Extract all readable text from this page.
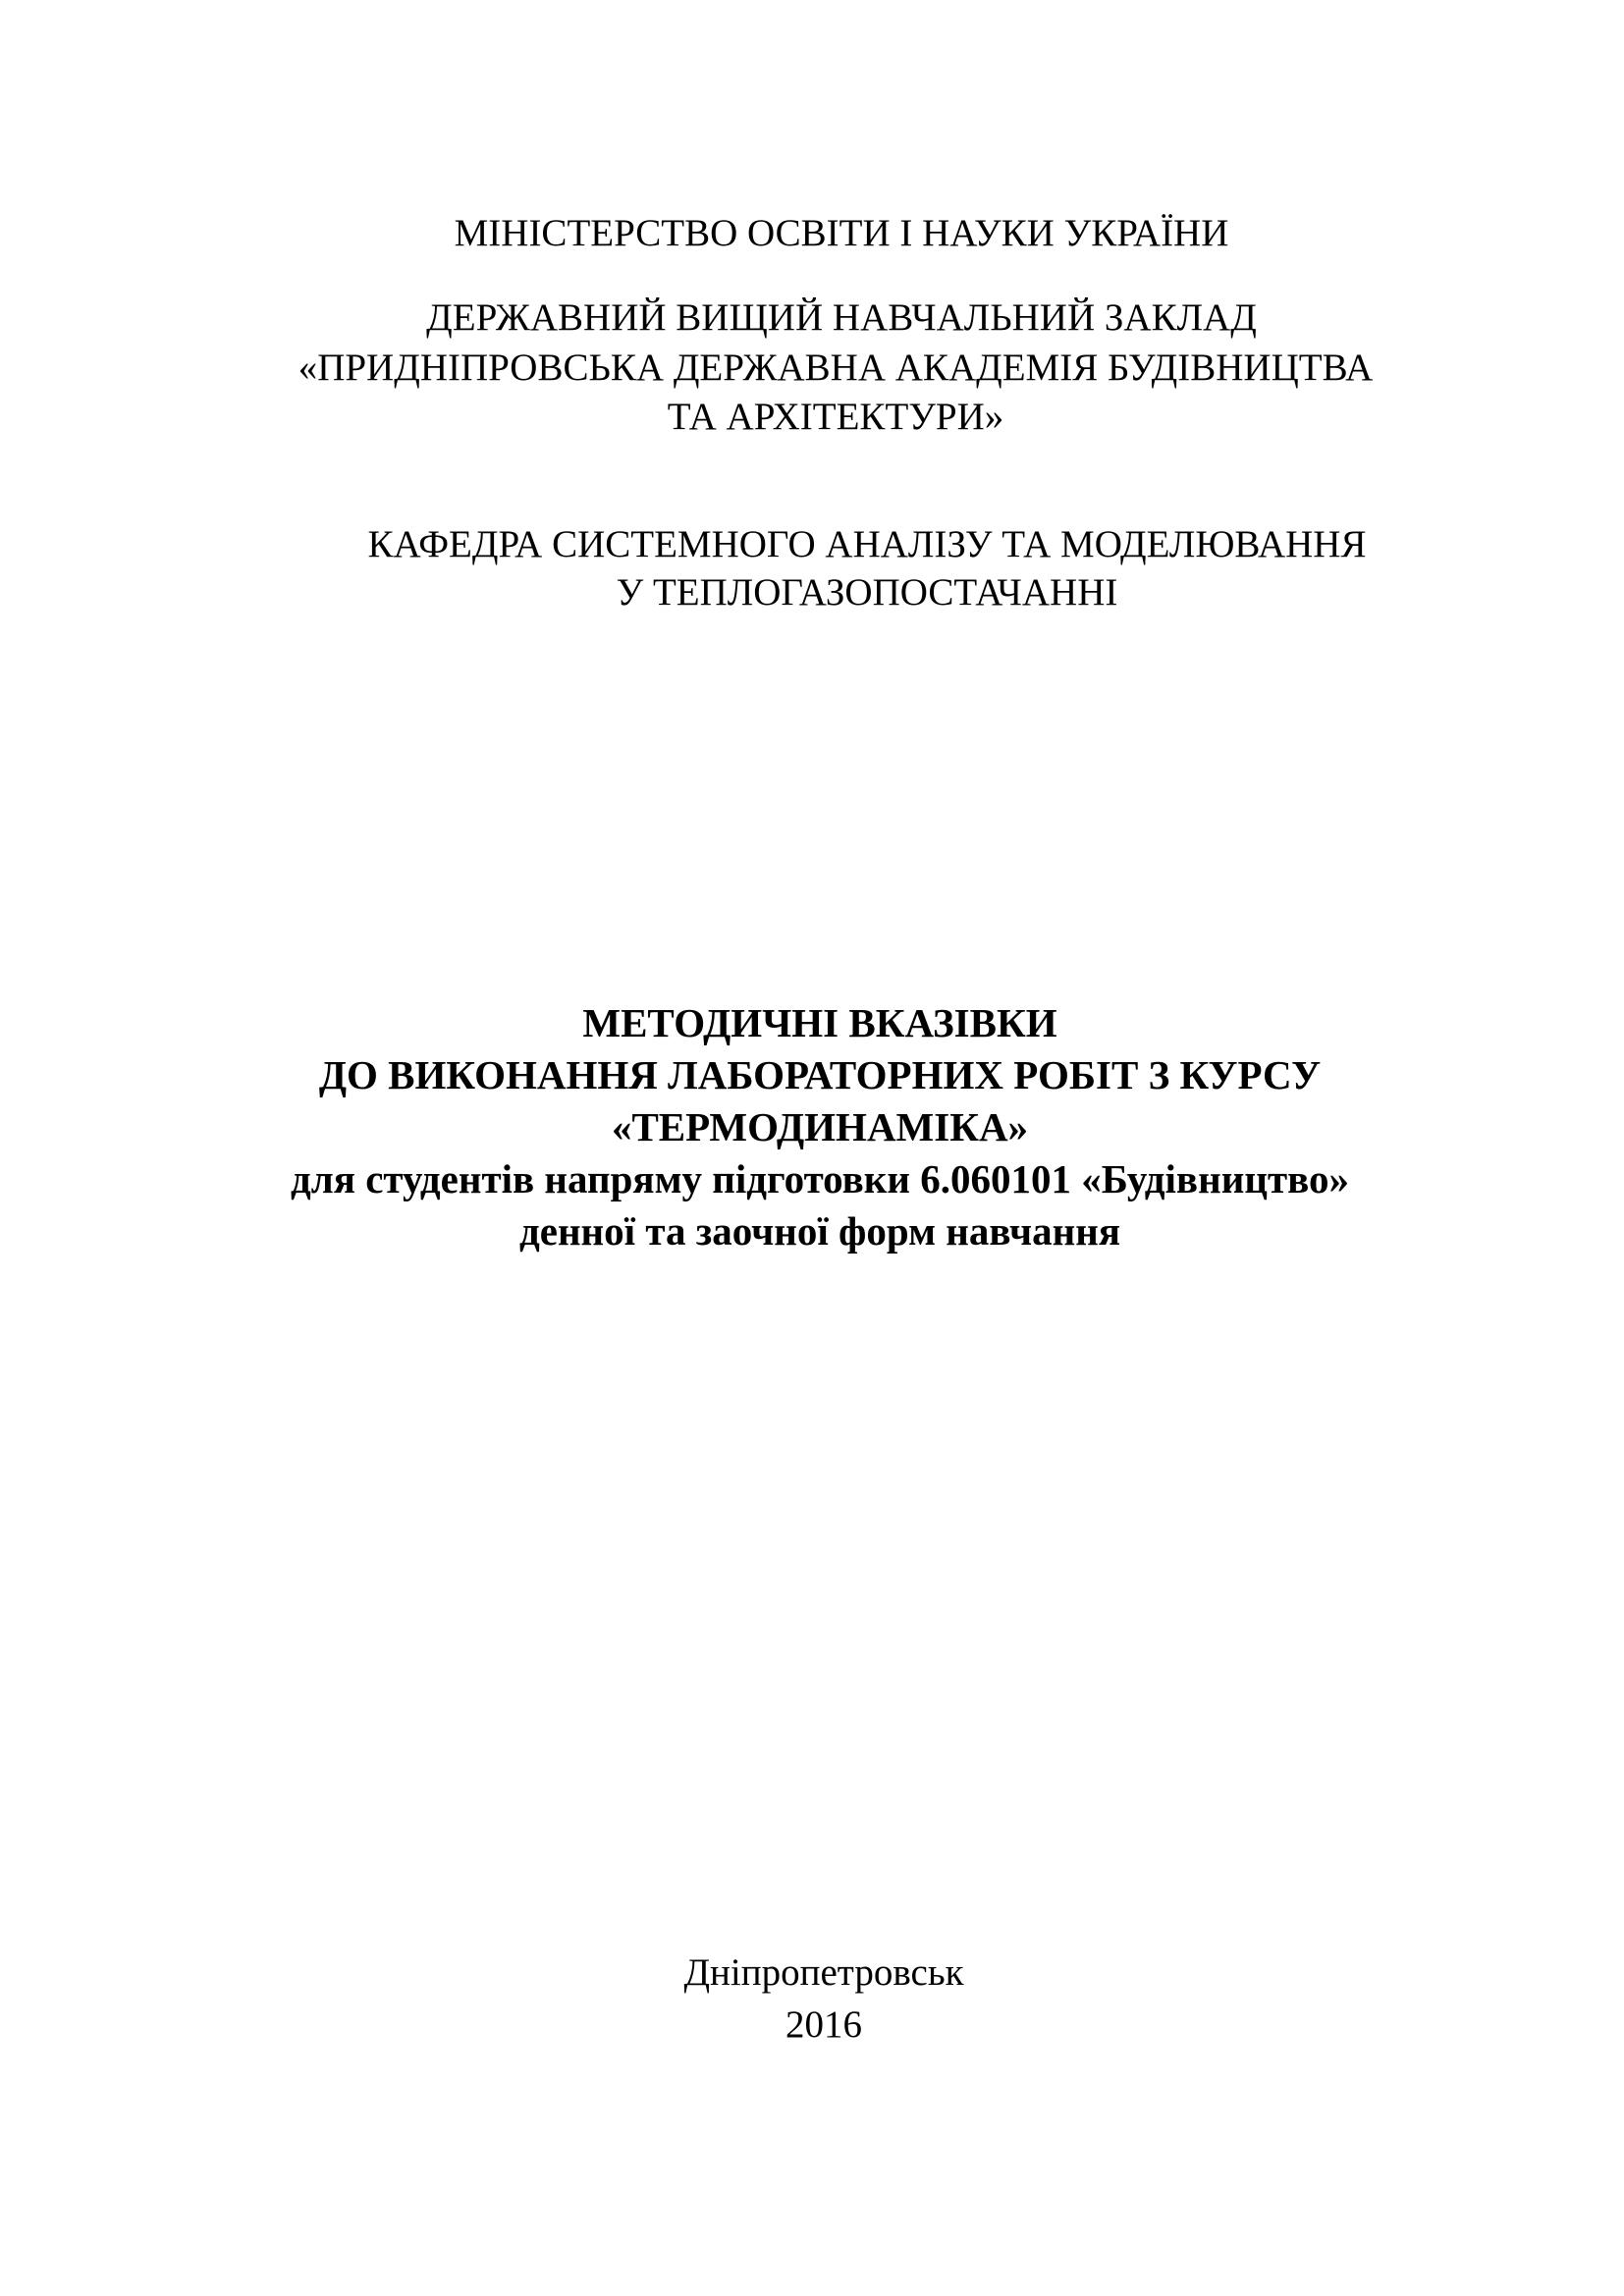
МІНІСТЕРСТВО ОСВІТИ І НАУКИ УКРАЇНИ
ДЕРЖАВНИЙ ВИЩИЙ НАВЧАЛЬНИЙ ЗАКЛАД
«ПРИДНІПРОВСЬКА ДЕРЖАВНА АКАДЕМІЯ БУДІВНИЦТВА
ТА АРХІТЕКТУРИ»
КАФЕДРА СИСТЕМНОГО АНАЛІЗУ ТА МОДЕЛЮВАННЯ
У ТЕПЛОГАЗОПОСТАЧАННІ
МЕТОДИЧНІ ВКАЗІВКИ
ДО ВИКОНАННЯ ЛАБОРАТОРНИХ РОБІТ З КУРСУ
«ТЕРМОДИНАМІКА»
для студентів напряму підготовки 6.060101 «Будівництво»
денної та заочної форм навчання
Дніпропетровськ
2016
